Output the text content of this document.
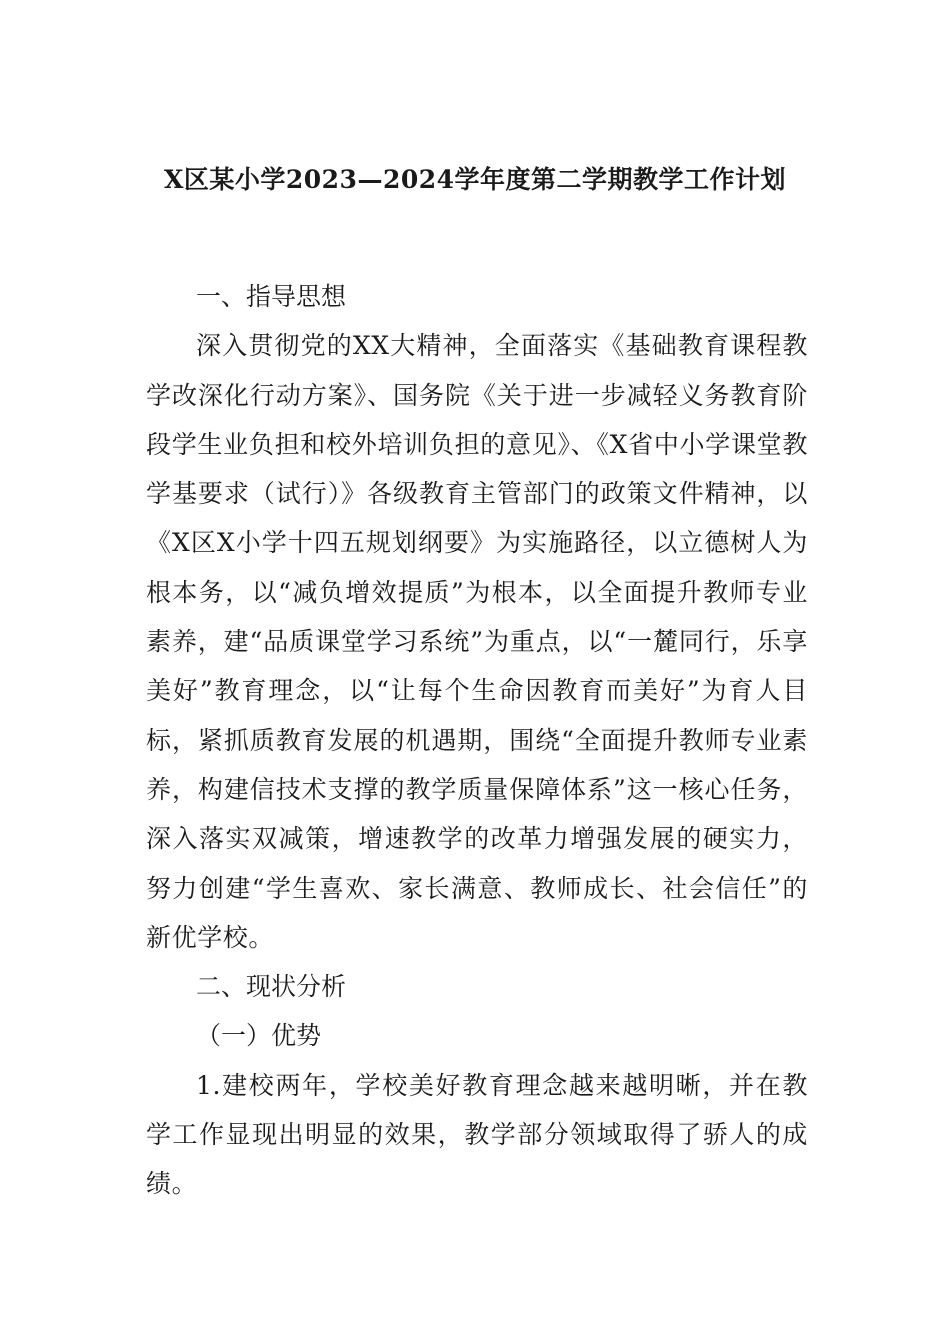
X区某小学2023—2024学年度第二学期教学工作计划

一、指导思想

深入贯彻党的XX大精神，全面落实《基础教育课程教学改深化行动方案》、国务院《关于进一步减轻义务教育阶段学生业负担和校外培训负担的意见》、《X省中小学课堂教学基要求（试行）》各级教育主管部门的政策文件精神，以《X区X小学十四五规划纲要》为实施路径，以立德树人为根本务，以“减负增效提质”为根本，以全面提升教师专业素养，建“品质课堂学习系统”为重点，以“一麓同行，乐享美好”教育理念，以“让每个生命因教育而美好”为育人目标，紧抓质教育发展的机遇期，围绕“全面提升教师专业素养，构建信技术支撑的教学质量保障体系”这一核心任务，深入落实双减策，增速教学的改革力增强发展的硬实力，努力创建“学生喜欢、家长满意、教师成长、社会信任”的新优学校。

二、现状分析

（一）优势

1.建校两年，学校美好教育理念越来越明晰，并在教学工作显现出明显的效果，教学部分领域取得了骄人的成绩。
